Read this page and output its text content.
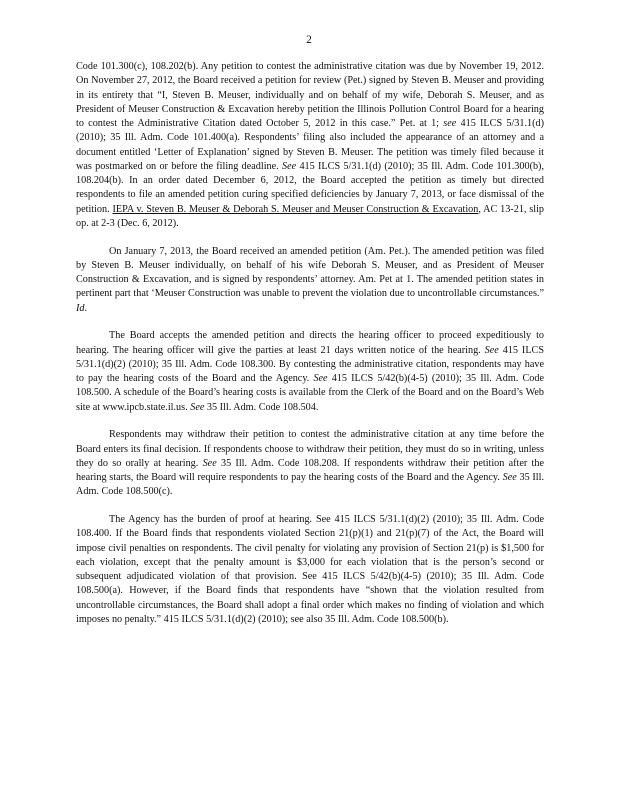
2

Code 101.300(c), 108.202(b). Any petition to contest the administrative citation was due by November 19, 2012. On November 27, 2012, the Board received a petition for review (Pet.) signed by Steven B. Meuser and providing in its entirety that “I, Steven B. Meuser, individually and on behalf of my wife, Deborah S. Meuser, and as President of Meuser Construction & Excavation hereby petition the Illinois Pollution Control Board for a hearing to contest the Administrative Citation dated October 5, 2012 in this case.” Pet. at 1; see 415 ILCS 5/31.1(d) (2010); 35 Ill. Adm. Code 101.400(a). Respondents’ filing also included the appearance of an attorney and a document entitled ‘Letter of Explanation’ signed by Steven B. Meuser. The petition was timely filed because it was postmarked on or before the filing deadline. See 415 ILCS 5/31.1(d) (2010); 35 Ill. Adm. Code 101.300(b), 108.204(b). In an order dated December 6, 2012, the Board accepted the petition as timely but directed respondents to file an amended petition curing specified deficiencies by January 7, 2013, or face dismissal of the petition. IEPA v. Steven B. Meuser & Deborah S. Meuser and Meuser Construction & Excavation, AC 13-21, slip op. at 2-3 (Dec. 6, 2012).

On January 7, 2013, the Board received an amended petition (Am. Pet.). The amended petition was filed by Steven B. Meuser individually, on behalf of his wife Deborah S. Meuser, and as President of Meuser Construction & Excavation, and is signed by respondents’ attorney. Am. Pet at 1. The amended petition states in pertinent part that ‘Meuser Construction was unable to prevent the violation due to uncontrollable circumstances.” Id.

The Board accepts the amended petition and directs the hearing officer to proceed expeditiously to hearing. The hearing officer will give the parties at least 21 days written notice of the hearing. See 415 ILCS 5/31.1(d)(2) (2010); 35 Ill. Adm. Code 108.300. By contesting the administrative citation, respondents may have to pay the hearing costs of the Board and the Agency. See 415 ILCS 5/42(b)(4-5) (2010); 35 Ill. Adm. Code 108.500. A schedule of the Board’s hearing costs is available from the Clerk of the Board and on the Board’s Web site at www.ipcb.state.il.us. See 35 Ill. Adm. Code 108.504.

Respondents may withdraw their petition to contest the administrative citation at any time before the Board enters its final decision. If respondents choose to withdraw their petition, they must do so in writing, unless they do so orally at hearing. See 35 Ill. Adm. Code 108.208. If respondents withdraw their petition after the hearing starts, the Board will require respondents to pay the hearing costs of the Board and the Agency. See 35 Ill. Adm. Code 108.500(c).

The Agency has the burden of proof at hearing. See 415 ILCS 5/31.1(d)(2) (2010); 35 Ill. Adm. Code 108.400. If the Board finds that respondents violated Section 21(p)(1) and 21(p)(7) of the Act, the Board will impose civil penalties on respondents. The civil penalty for violating any provision of Section 21(p) is $1,500 for each violation, except that the penalty amount is $3,000 for each violation that is the person’s second or subsequent adjudicated violation of that provision. See 415 ILCS 5/42(b)(4-5) (2010); 35 Ill. Adm. Code 108.500(a). However, if the Board finds that respondents have “shown that the violation resulted from uncontrollable circumstances, the Board shall adopt a final order which makes no finding of violation and which imposes no penalty.” 415 ILCS 5/31.1(d)(2) (2010); see also 35 Ill. Adm. Code 108.500(b).
